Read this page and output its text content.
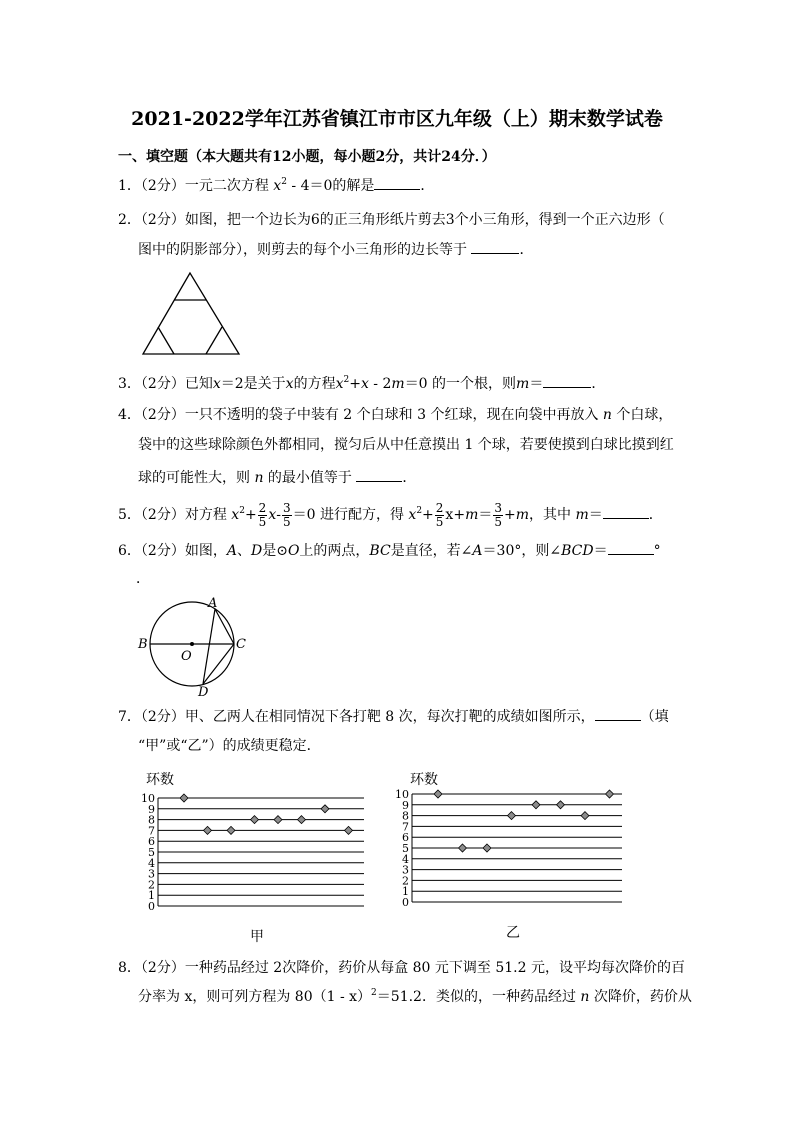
2021-2022学年江苏省镇江市市区九年级（上）期末数学试卷
一、填空题（本大题共有12小题，每小题2分，共计24分．）
1．（2分）一元二次方程 $x^2 - 4=0$的解是	．
2．（2分）如图，把一个边长为6的正三角形纸片剪去3个小三角形，得到一个正六边形（
图中的阴影部分），则剪去的每个小三角形的边长等于	．
3．（2分）已知x＝2是关于x的方程$x^2+x - 2m=0$ 的一个根，则m＝	．
4．（2分）一只不透明的袋子中装有 2 个白球和 3 个红球，现在向袋中再放入 n 个白球，
袋中的这些球除颜色外都相同，搅匀后从中任意摸出 1 个球，若要使摸到白球比摸到红
球的可能性大，则 n 的最小值等于	．
5．（2分）对方程 $x^2+ \frac{2}{5} x- \frac{3}{5} =0$ 进行配方，得 $x^2+ \frac{2}{5} x+m= \frac{3}{5} +m$，其中 m＝	．
6．（2分）如图，A、D是⊙O上的两点，BC是直径，若∠A＝30°，则∠BCD＝	°
．
A
B	C
O
D
7．（2分）甲、乙两人在相同情况下各打靶 8 次，每次打靶的成绩如图所示，	（填
“甲”或“乙”）的成绩更稳定．
环数
10
9
8
7
6
5
4
3
2
1
0
甲
环数
10
9
8
7
6
5
4
3
2
1
0
乙
8．（2分）一种药品经过 2次降价，药价从每盒 80 元下调至 51.2 元，设平均每次降价的百
分率为 x，则可列方程为 80（1 - x）$^2$＝51.2．类似的，一种药品经过 n 次降价，药价从
